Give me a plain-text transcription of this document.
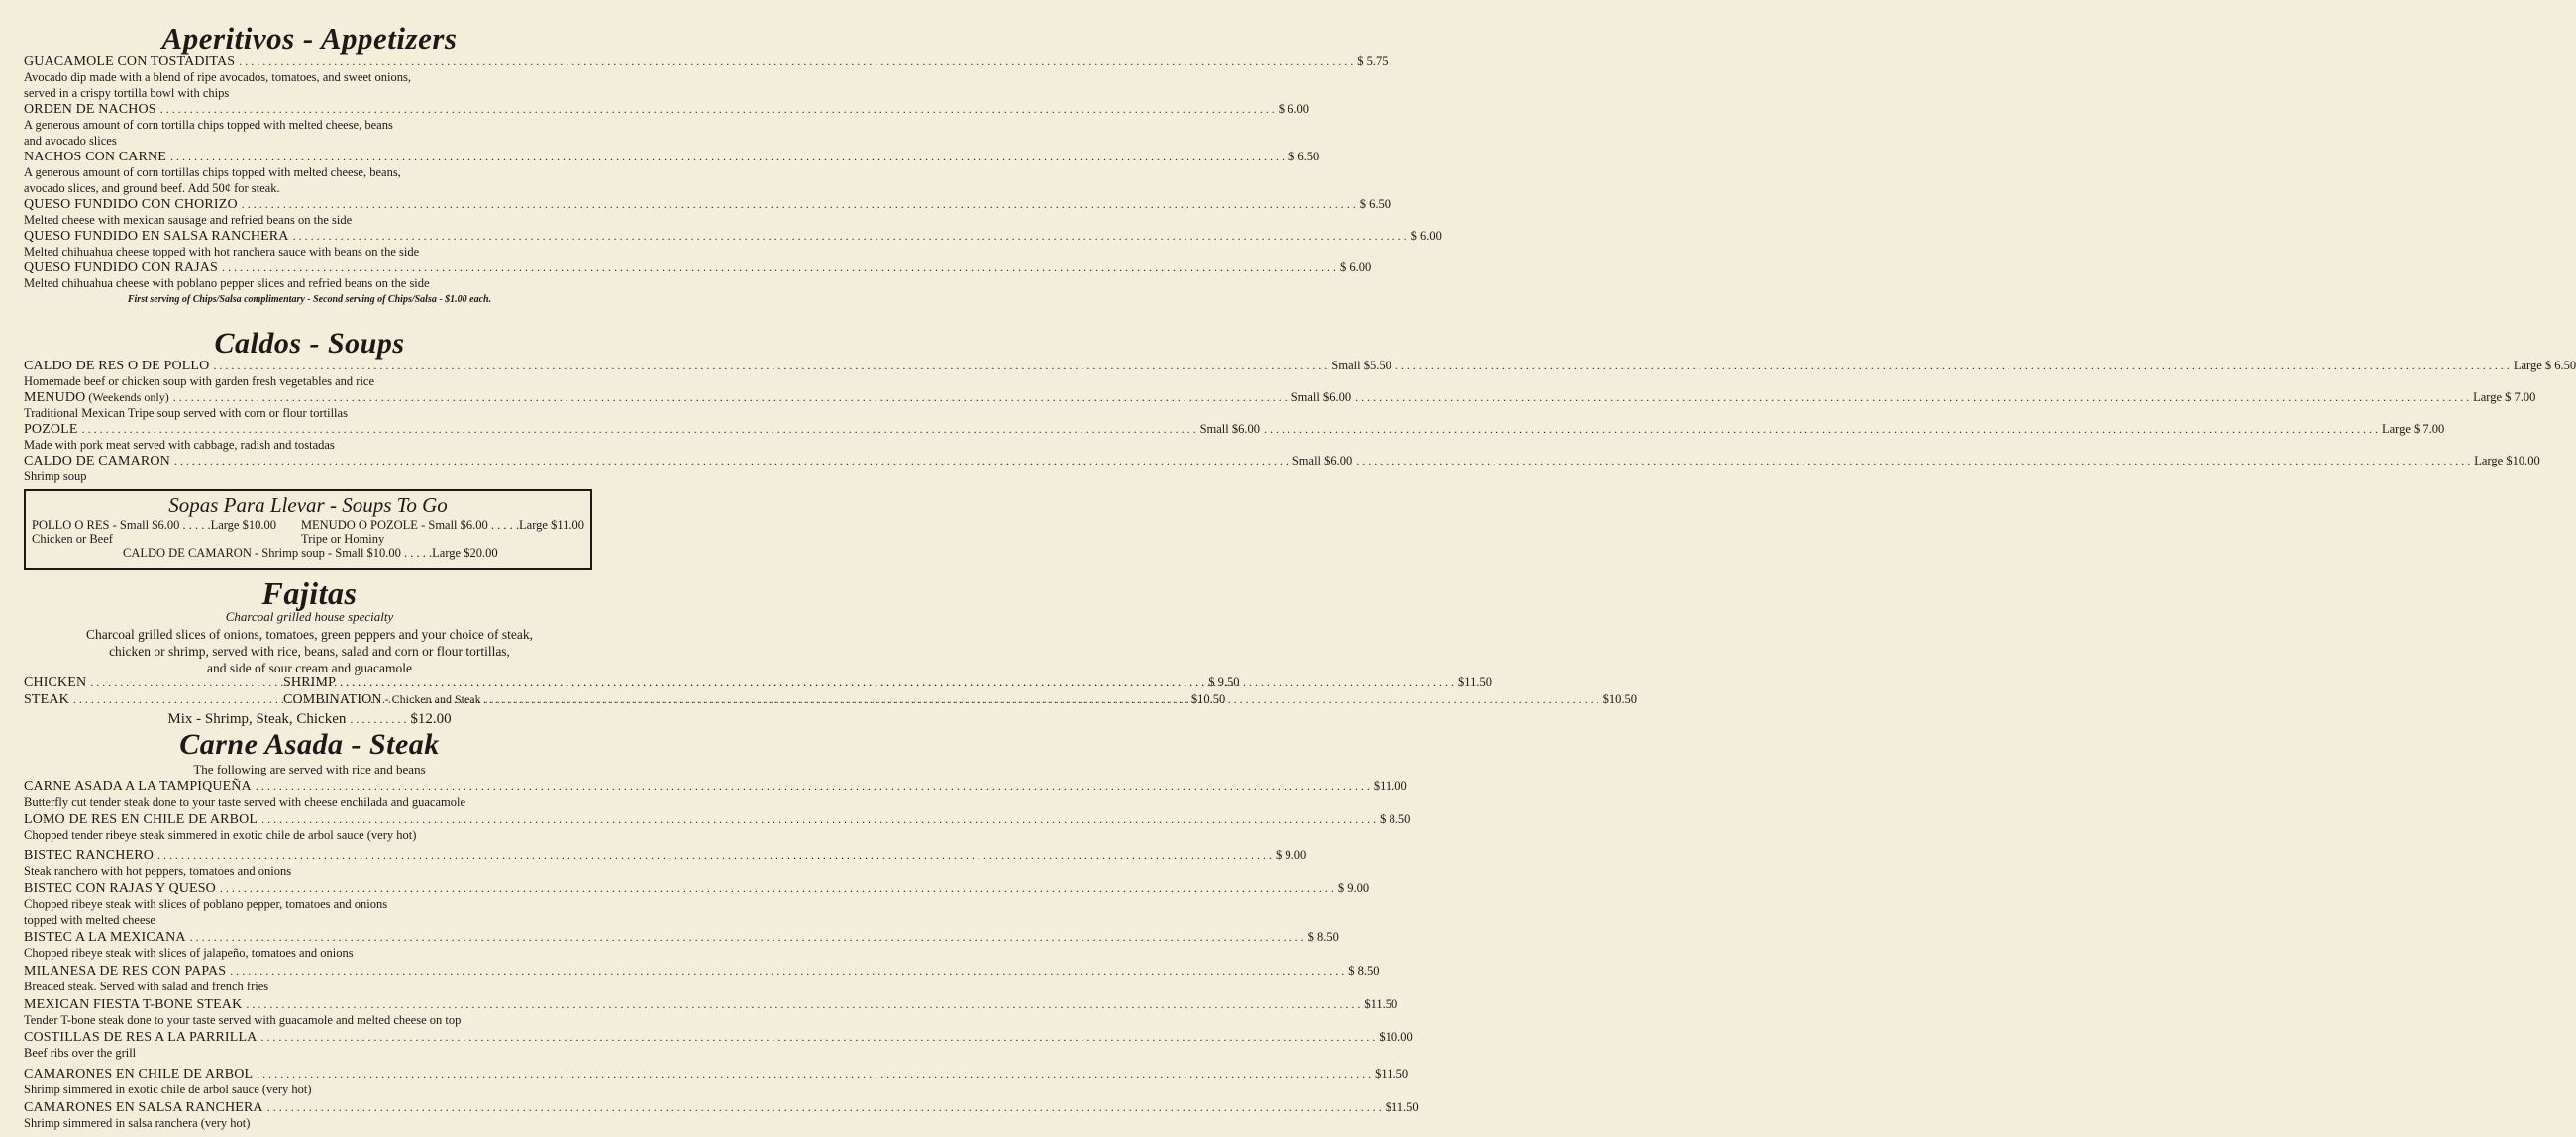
Aperitivos - Appetizers
GUACAMOLE CON TOSTADITAS . . .	$ 5.75
Avocado dip made with a blend of ripe avocados, tomatoes, and sweet onions,
served in a crispy tortilla bowl with chips
ORDEN DE NACHOS . . .	$ 6.00
A generous amount of corn tortilla chips topped with melted cheese, beans
and avocado slices
NACHOS CON CARNE . . .	$ 6.50
A generous amount of corn tortillas chips topped with melted cheese, beans,
avocado slices, and ground beef. Add 50¢ for steak.
QUESO FUNDIDO CON CHORIZO . . .	$ 6.50
Melted cheese with mexican sausage and refried beans on the side
QUESO FUNDIDO EN SALSA RANCHERA . . .	$ 6.00
Melted chihuahua cheese topped with hot ranchera sauce with beans on the side
QUESO FUNDIDO CON RAJAS . . .	$ 6.00
Melted chihuahua cheese with poblano pepper slices and refried beans on the side
First serving of Chips/Salsa complimentary - Second serving of Chips/Salsa - $1.00 each.
Caldos - Soups
CALDO DE RES O DE POLLO . . .	Small $5.50 . . .	Large $ 6.50
Homemade beef or chicken soup with garden fresh vegetables and rice
MENUDO (Weekends only) . . .	Small $6.00 . . .	Large $ 7.00
Traditional Mexican Tripe soup served with corn or flour tortillas
POZOLE . . .	Small $6.00 . . .	Large $ 7.00
Made with pork meat served with cabbage, radish and tostadas
CALDO DE CAMARON . . .	Small $6.00 . . .	Large $10.00
Shrimp soup
Sopas Para Llevar - Soups To Go
POLLO O RES - Small $6.00 . . . . .Large $10.00	MENUDO O POZOLE - Small $6.00 . . . . .Large $11.00
Chicken or Beef	Tripe or Hominy
CALDO DE CAMARON
- Shrimp soup - Small $10.00 . . . . .Large $20.00
Fajitas
Charcoal grilled house specialty
Charcoal grilled slices of onions, tomatoes, green peppers and your choice of steak,
chicken or shrimp, served with rice, beans, salad and corn or flour tortillas,
and side of sour cream and guacamole
CHICKEN . . .	$ 9.50
SHRIMP . . .	$11.50
STEAK . . .	$10.50
COMBINATION - Chicken and Steak . . .	$10.50
Mix - Shrimp, Steak, Chicken . . . . . . . . . . $12.00
Carne Asada - Steak
The following are served with rice and beans
CARNE ASADA A LA TAMPIQUEÑA . . .	$11.00
Butterfly cut tender steak done to your taste served with cheese enchilada and guacamole
LOMO DE RES EN CHILE DE ARBOL . . .	$ 8.50
Chopped tender ribeye steak simmered in exotic chile de arbol sauce (very hot)
BISTEC RANCHERO . . .	$ 9.00
Steak ranchero with hot peppers, tomatoes and onions
BISTEC CON RAJAS Y QUESO . . .	$ 9.00
Chopped ribeye steak with slices of poblano pepper, tomatoes and onions
topped with melted cheese
BISTEC A LA MEXICANA . . .	$ 8.50
Chopped ribeye steak with slices of jalapeño, tomatoes and onions
MILANESA DE RES CON PAPAS . . .	$ 8.50
Breaded steak. Served with salad and french fries
MEXICAN FIESTA T-BONE STEAK . . .	$11.50
Tender T-bone steak done to your taste served with guacamole and melted cheese on top
COSTILLAS DE RES A LA PARRILLA . . .	$10.00
Beef ribs over the grill
CAMARONES EN CHILE DE ARBOL . . .	$11.50
Shrimp simmered in exotic chile de arbol sauce (very hot)
CAMARONES EN SALSA RANCHERA . . .	$11.50
Shrimp simmered in salsa ranchera (very hot)
